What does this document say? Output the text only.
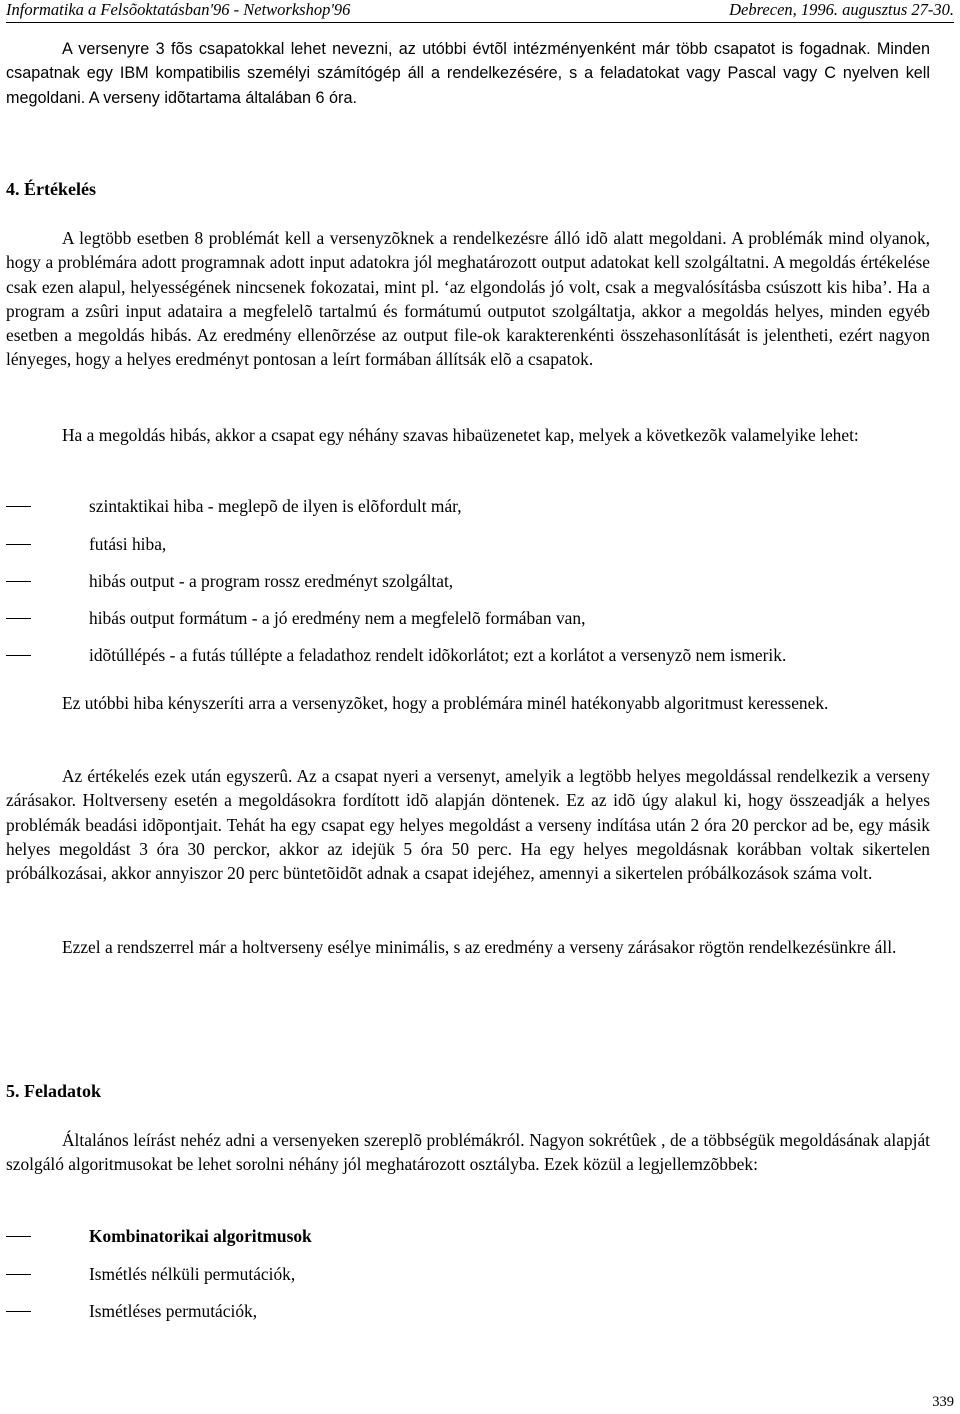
Informatika a Felsõoktatásban'96 - Networkshop'96	Debrecen, 1996. augusztus 27-30.

A versenyre 3 fõs csapatokkal lehet nevezni, az utóbbi évtõl intézményenként már több csapatot is fogadnak. Minden csapatnak egy IBM kompatibilis személyi számítógép áll a rendelkezésére, s a feladatokat vagy Pascal vagy C nyelven kell megoldani. A verseny idõtartama általában 6 óra.

4. Értékelés

A legtöbb esetben 8 problémát kell a versenyzõknek a rendelkezésre álló idõ alatt megoldani. A problémák mind olyanok, hogy a problémára adott programnak adott input adatokra jól meghatározott output adatokat kell szolgáltatni. A megoldás értékelése csak ezen alapul, helyességének nincsenek fokozatai, mint pl. ‘az elgondolás jó volt, csak a megvalósításba csúszott kis hiba’. Ha a program a zsûri input adataira a megfelelõ tartalmú és formátumú outputot szolgáltatja, akkor a megoldás helyes, minden egyéb esetben a megoldás hibás. Az eredmény ellenõrzése az output file-ok karakterenkénti összehasonlítását is jelentheti, ezért nagyon lényeges, hogy a helyes eredményt pontosan a leírt formában állítsák elõ a csapatok.

Ha a megoldás hibás, akkor a csapat egy néhány szavas hibaüzenetet kap, melyek a következõk valamelyike lehet:

szintaktikai hiba - meglepõ de ilyen is elõfordult már,
futási hiba,
hibás output - a program rossz eredményt szolgáltat,
hibás output formátum - a jó eredmény nem a megfelelõ formában van,
idõtúllépés - a futás túllépte a feladathoz rendelt idõkorlátot; ezt a korlátot a versenyzõ nem ismerik.

Ez utóbbi hiba kényszeríti arra a versenyzõket, hogy a problémára minél hatékonyabb algoritmust keressenek.

Az értékelés ezek után egyszerû. Az a csapat nyeri a versenyt, amelyik a legtöbb helyes megoldással rendelkezik a verseny zárásakor. Holtverseny esetén a megoldásokra fordított idõ alapján döntenek. Ez az idõ úgy alakul ki, hogy összeadják a helyes problémák beadási idõpontjait. Tehát ha egy csapat egy helyes megoldást a verseny indítása után 2 óra 20 perckor ad be, egy másik helyes megoldást 3 óra 30 perckor, akkor az idejük 5 óra 50 perc. Ha egy helyes megoldásnak korábban voltak sikertelen próbálkozásai, akkor annyiszor 20 perc büntetõidõt adnak a csapat idejéhez, amennyi a sikertelen próbálkozások száma volt.

Ezzel a rendszerrel már a holtverseny esélye minimális, s az eredmény a verseny zárásakor rögtön rendelkezésünkre áll.

5. Feladatok

Általános leírást nehéz adni a versenyeken szereplõ problémákról. Nagyon sokrétûek , de a többségük megoldásának alapját szolgáló algoritmusokat be lehet sorolni néhány jól meghatározott osztályba. Ezek közül a legjellemzõbbek:

Kombinatorikai algoritmusok
Ismétlés nélküli permutációk,
Ismétléses permutációk,
339
